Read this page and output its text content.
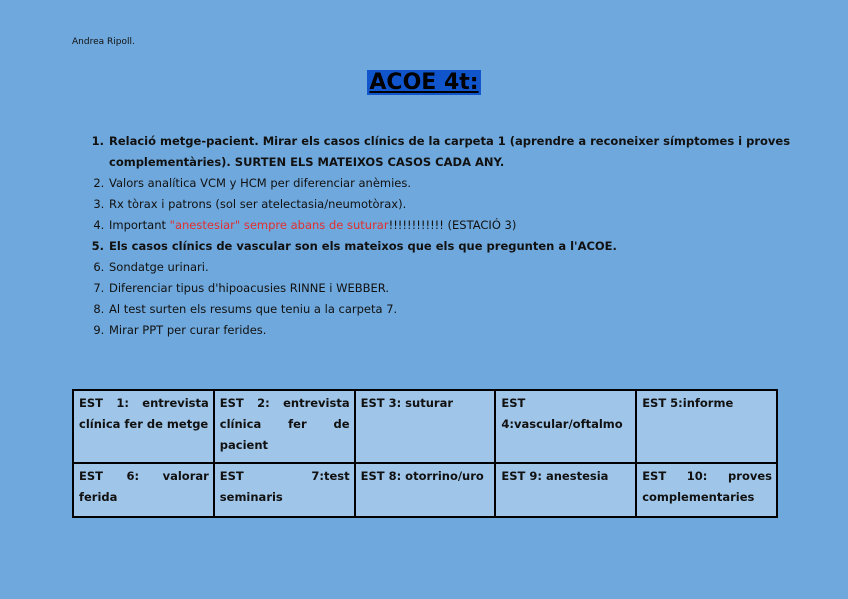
Andrea Ripoll.
ACOE 4t:
1. Relació metge-pacient. Mirar els casos clínics de la carpeta 1 (aprendre a reconeixer símptomes i proves complementàries). SURTEN ELS MATEIXOS CASOS CADA ANY.
2. Valors analítica VCM y HCM per diferenciar anèmies.
3. Rx tòrax i patrons (sol ser atelectasia/neumotòrax).
4. Important "anestesiar" sempre abans de suturar!!!!!!!!!!!! (ESTACIÓ 3)
5. Els casos clínics de vascular son els mateixos que els que pregunten a l'ACOE.
6. Sondatge urinari.
7. Diferenciar tipus d'hipoacusies RINNE i WEBBER.
8. Al test surten els resums que teniu a la carpeta 7.
9. Mirar PPT per curar ferides.
EST 1: entrevista clínica fer de metge	EST 2: entrevista clínica fer de pacient	EST 3: suturar	EST 4:vascular/oftalmo	EST 5:informe
EST 6: valorar ferida	EST 7:test seminaris	EST 8: otorrino/uro	EST 9: anestesia	EST 10: proves complementaries
